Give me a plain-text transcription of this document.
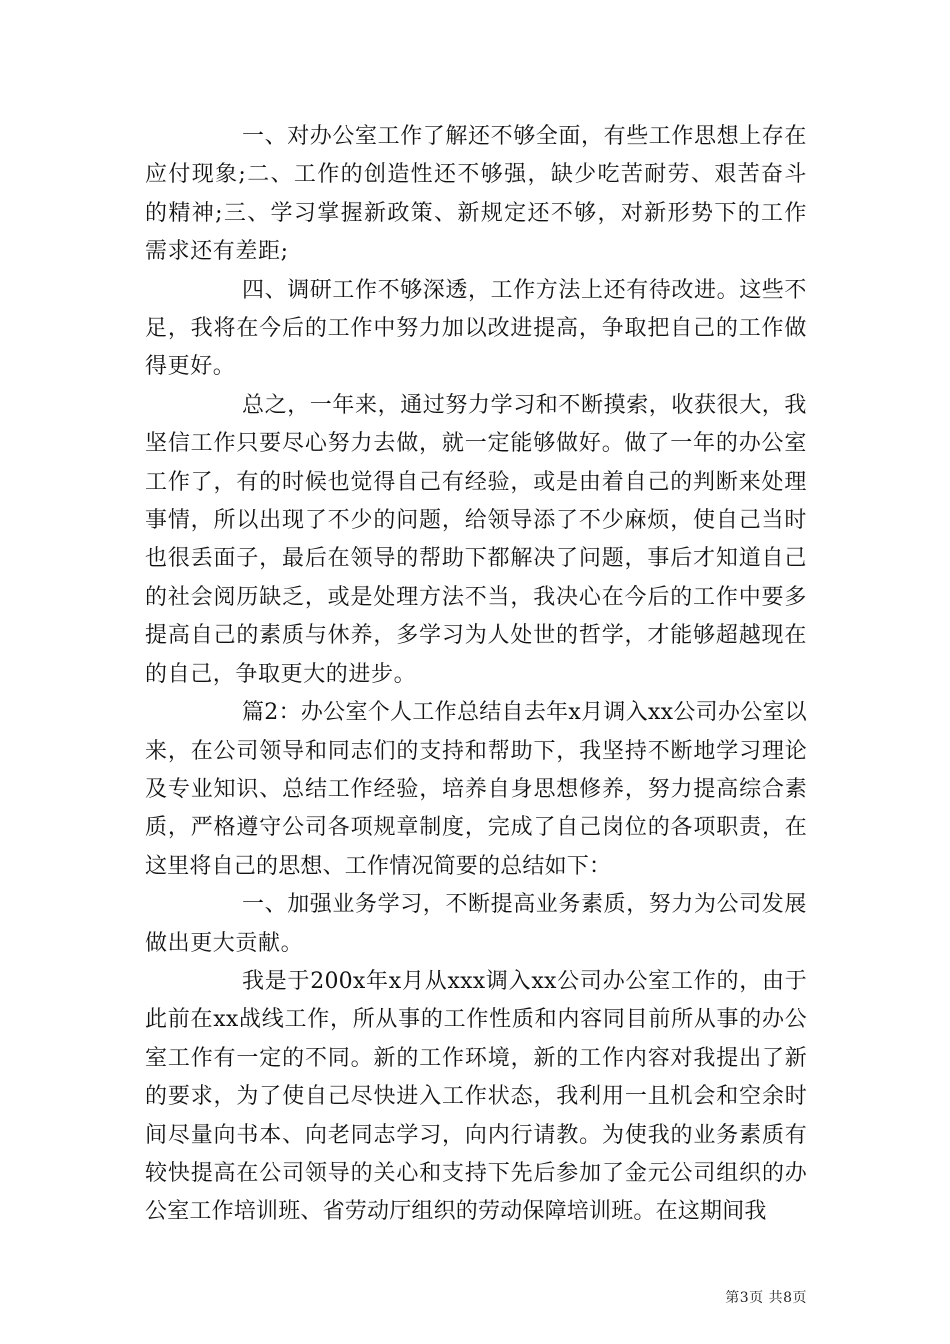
一、对办公室工作了解还不够全面，有些工作思想上存在应付现象;二、工作的创造性还不够强，缺少吃苦耐劳、艰苦奋斗的精神;三、学习掌握新政策、新规定还不够，对新形势下的工作需求还有差距;

四、调研工作不够深透，工作方法上还有待改进。这些不足，我将在今后的工作中努力加以改进提高，争取把自己的工作做得更好。

总之，一年来，通过努力学习和不断摸索，收获很大，我坚信工作只要尽心努力去做，就一定能够做好。做了一年的办公室工作了，有的时候也觉得自己有经验，或是由着自己的判断来处理事情，所以出现了不少的问题，给领导添了不少麻烦，使自己当时也很丢面子，最后在领导的帮助下都解决了问题，事后才知道自己的社会阅历缺乏，或是处理方法不当，我决心在今后的工作中要多提高自己的素质与休养，多学习为人处世的哲学，才能够超越现在的自己，争取更大的进步。

篇2：办公室个人工作总结自去年x月调入xx公司办公室以来，在公司领导和同志们的支持和帮助下，我坚持不断地学习理论及专业知识、总结工作经验，培养自身思想修养，努力提高综合素质，严格遵守公司各项规章制度，完成了自己岗位的各项职责，在这里将自己的思想、工作情况简要的总结如下：

一、加强业务学习，不断提高业务素质，努力为公司发展做出更大贡献。

我是于200x年x月从xxx调入xx公司办公室工作的，由于此前在xx战线工作，所从事的工作性质和内容同目前所从事的办公室工作有一定的不同。新的工作环境，新的工作内容对我提出了新的要求，为了使自己尽快进入工作状态，我利用一且机会和空余时间尽量向书本、向老同志学习，向内行请教。为使我的业务素质有较快提高在公司领导的关心和支持下先后参加了金元公司组织的办公室工作培训班、省劳动厅组织的劳动保障培训班。在这期间我

第3页 共8页
